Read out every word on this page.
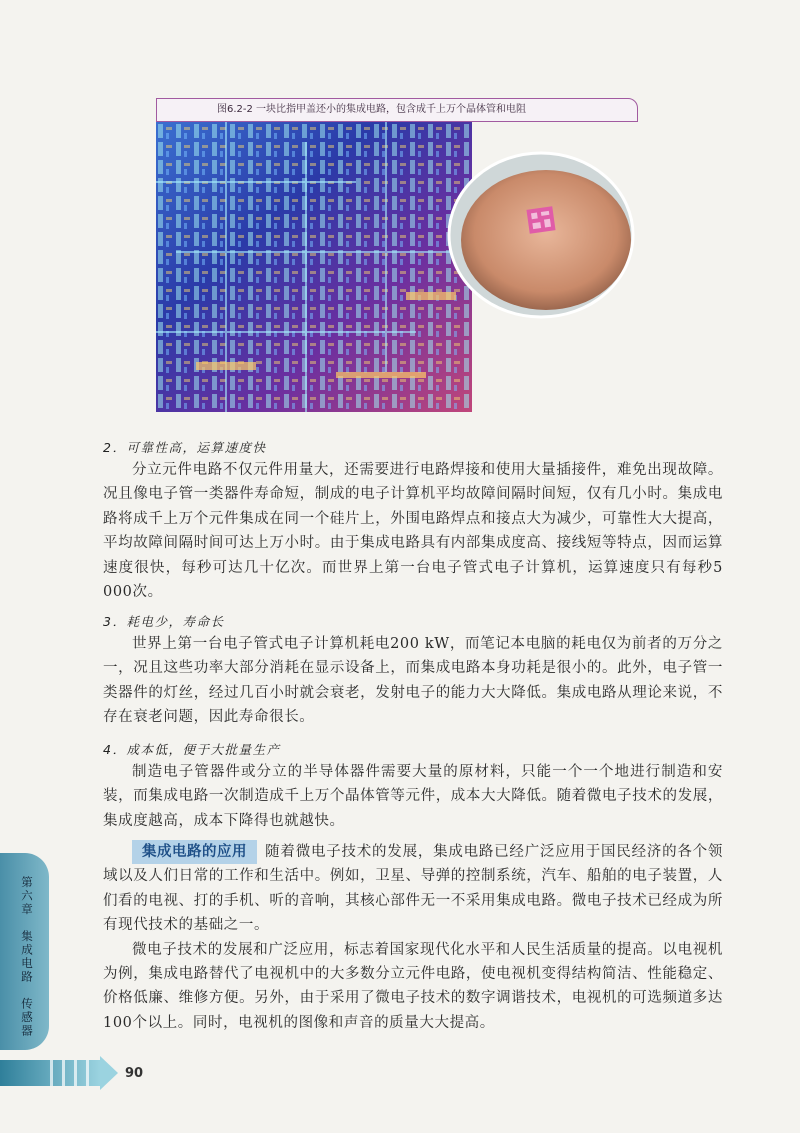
图6.2-2 一块比指甲盖还小的集成电路，包含成千上万个晶体管和电阻
2．可靠性高，运算速度快

分立元件电路不仅元件用量大，还需要进行电路焊接和使用大量插接件，难免出现故障。况且像电子管一类器件寿命短，制成的电子计算机平均故障间隔时间短，仅有几小时。集成电路将成千上万个元件集成在同一个硅片上，外围电路焊点和接点大为减少，可靠性大大提高，平均故障间隔时间可达上万小时。由于集成电路具有内部集成度高、接线短等特点，因而运算速度很快，每秒可达几十亿次。而世界上第一台电子管式电子计算机，运算速度只有每秒5 000次。

3．耗电少，寿命长

世界上第一台电子管式电子计算机耗电200 kW，而笔记本电脑的耗电仅为前者的万分之一，况且这些功率大部分消耗在显示设备上，而集成电路本身功耗是很小的。此外，电子管一类器件的灯丝，经过几百小时就会衰老，发射电子的能力大大降低。集成电路从理论来说，不存在衰老问题，因此寿命很长。

4．成本低，便于大批量生产

制造电子管器件或分立的半导体器件需要大量的原材料，只能一个一个地进行制造和安装，而集成电路一次制造成千上万个晶体管等元件，成本大大降低。随着微电子技术的发展，集成度越高，成本下降得也就越快。

集成电路的应用 随着微电子技术的发展，集成电路已经广泛应用于国民经济的各个领域以及人们日常的工作和生活中。例如，卫星、导弹的控制系统，汽车、船舶的电子装置，人们看的电视、打的手机、听的音响，其核心部件无一不采用集成电路。微电子技术已经成为所有现代技术的基础之一。

微电子技术的发展和广泛应用，标志着国家现代化水平和人民生活质量的提高。以电视机为例，集成电路替代了电视机中的大多数分立元件电路，使电视机变得结构简洁、性能稳定、价格低廉、维修方便。另外，由于采用了微电子技术的数字调谐技术，电视机的可选频道多达100个以上。同时，电视机的图像和声音的质量大大提高。

第六章　集成电路　传感器
90
